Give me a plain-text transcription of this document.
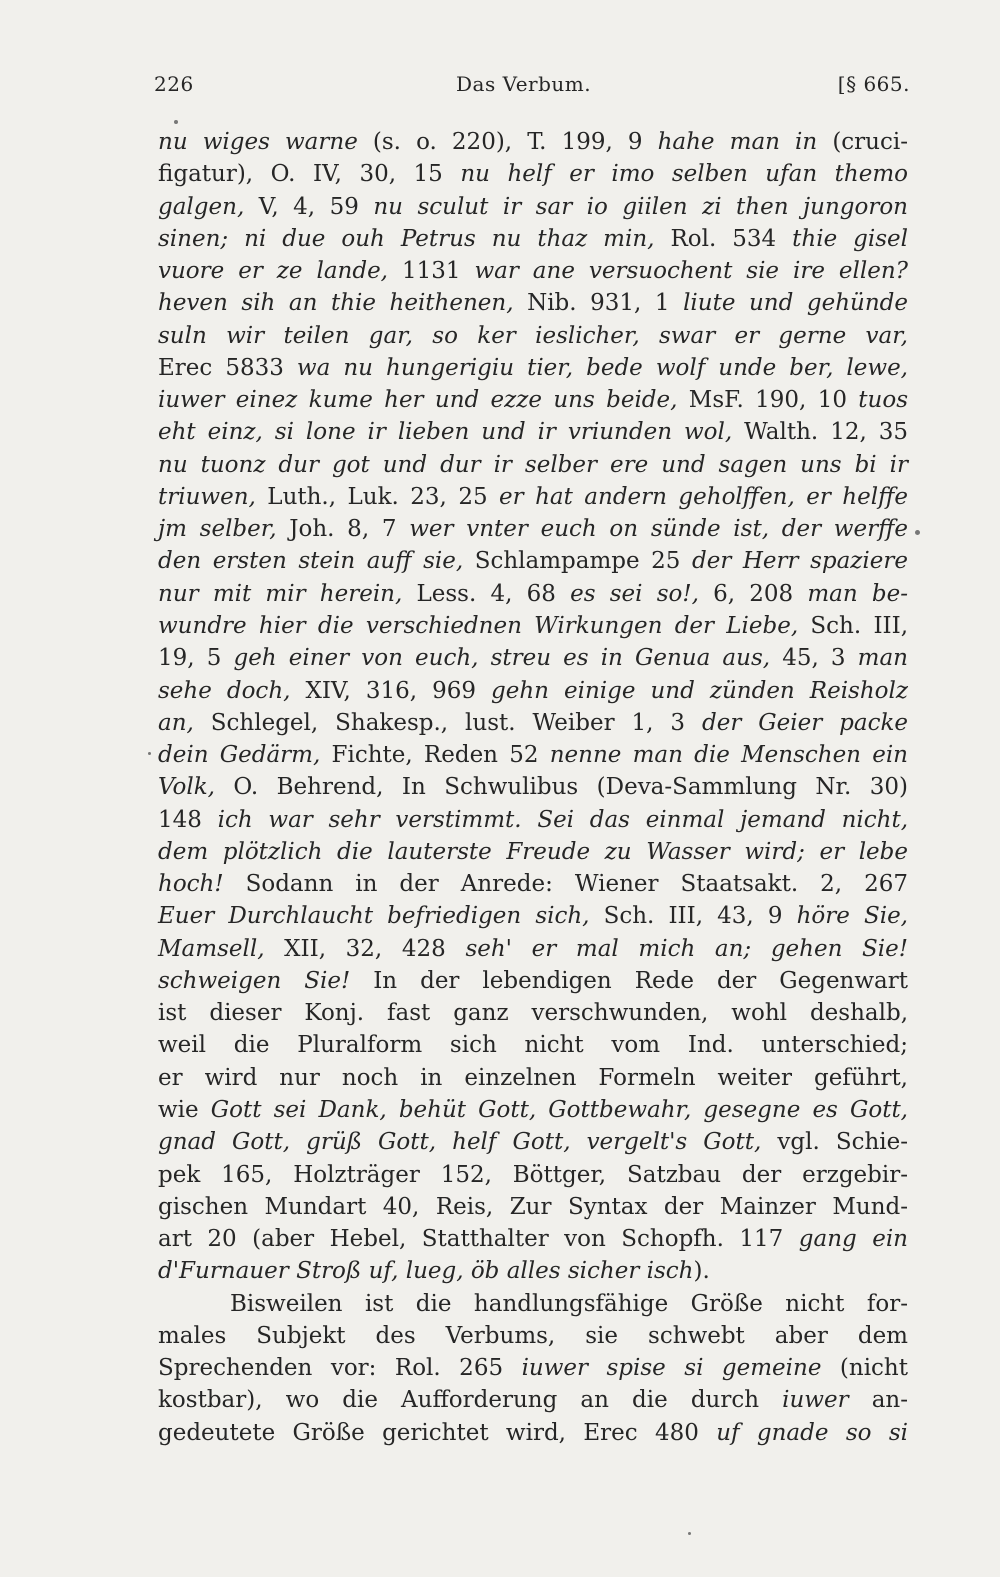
226	Das Verbum.	[§ 665.
nu wiges warne (s. o. 220), T. 199, 9 hahe man in (cruci-
figatur), O. IV, 30, 15 nu helf er imo selben ufan themo
galgen, V, 4, 59 nu sculut ir sar io giilen zi then jungoron
sinen; ni due ouh Petrus nu thaz min, Rol. 534 thie gisel
vuore er ze lande, 1131 war ane versuochent sie ire ellen?
heven sih an thie heithenen, Nib. 931, 1 liute und gehünde
suln wir teilen gar, so ker ieslicher, swar er gerne var,
Erec 5833 wa nu hungerigiu tier, bede wolf unde ber, lewe,
iuwer einez kume her und ezze uns beide, MsF. 190, 10 tuos
eht einz, si lone ir lieben und ir vriunden wol, Walth. 12, 35
nu tuonz dur got und dur ir selber ere und sagen uns bi ir
triuwen, Luth., Luk. 23, 25 er hat andern geholffen, er helffe
jm selber, Joh. 8, 7 wer vnter euch on sünde ist, der werffe
den ersten stein auff sie, Schlampampe 25 der Herr spaziere
nur mit mir herein, Less. 4, 68 es sei so!, 6, 208 man be-
wundre hier die verschiednen Wirkungen der Liebe, Sch. III,
19, 5 geh einer von euch, streu es in Genua aus, 45, 3 man
sehe doch, XIV, 316, 969 gehn einige und zünden Reisholz
an, Schlegel, Shakesp., lust. Weiber 1, 3 der Geier packe
dein Gedärm, Fichte, Reden 52 nenne man die Menschen ein
Volk, O. Behrend, In Schwulibus (Deva-Sammlung Nr. 30)
148 ich war sehr verstimmt. Sei das einmal jemand nicht,
dem plötzlich die lauterste Freude zu Wasser wird; er lebe
hoch! Sodann in der Anrede: Wiener Staatsakt. 2, 267
Euer Durchlaucht befriedigen sich, Sch. III, 43, 9 höre Sie,
Mamsell, XII, 32, 428 seh' er mal mich an; gehen Sie!
schweigen Sie! In der lebendigen Rede der Gegenwart
ist dieser Konj. fast ganz verschwunden, wohl deshalb,
weil die Pluralform sich nicht vom Ind. unterschied;
er wird nur noch in einzelnen Formeln weiter geführt,
wie Gott sei Dank, behüt Gott, Gottbewahr, gesegne es Gott,
gnad Gott, grüß Gott, helf Gott, vergelt's Gott, vgl. Schie-
pek 165, Holzträger 152, Böttger, Satzbau der erzgebir-
gischen Mundart 40, Reis, Zur Syntax der Mainzer Mund-
art 20 (aber Hebel, Statthalter von Schopfh. 117 gang ein
d'Furnauer Stroß uf, lueg, öb alles sicher isch).
Bisweilen ist die handlungsfähige Größe nicht for-
males Subjekt des Verbums, sie schwebt aber dem
Sprechenden vor: Rol. 265 iuwer spise si gemeine (nicht
kostbar), wo die Aufforderung an die durch iuwer an-
gedeutete Größe gerichtet wird, Erec 480 uf gnade so si
